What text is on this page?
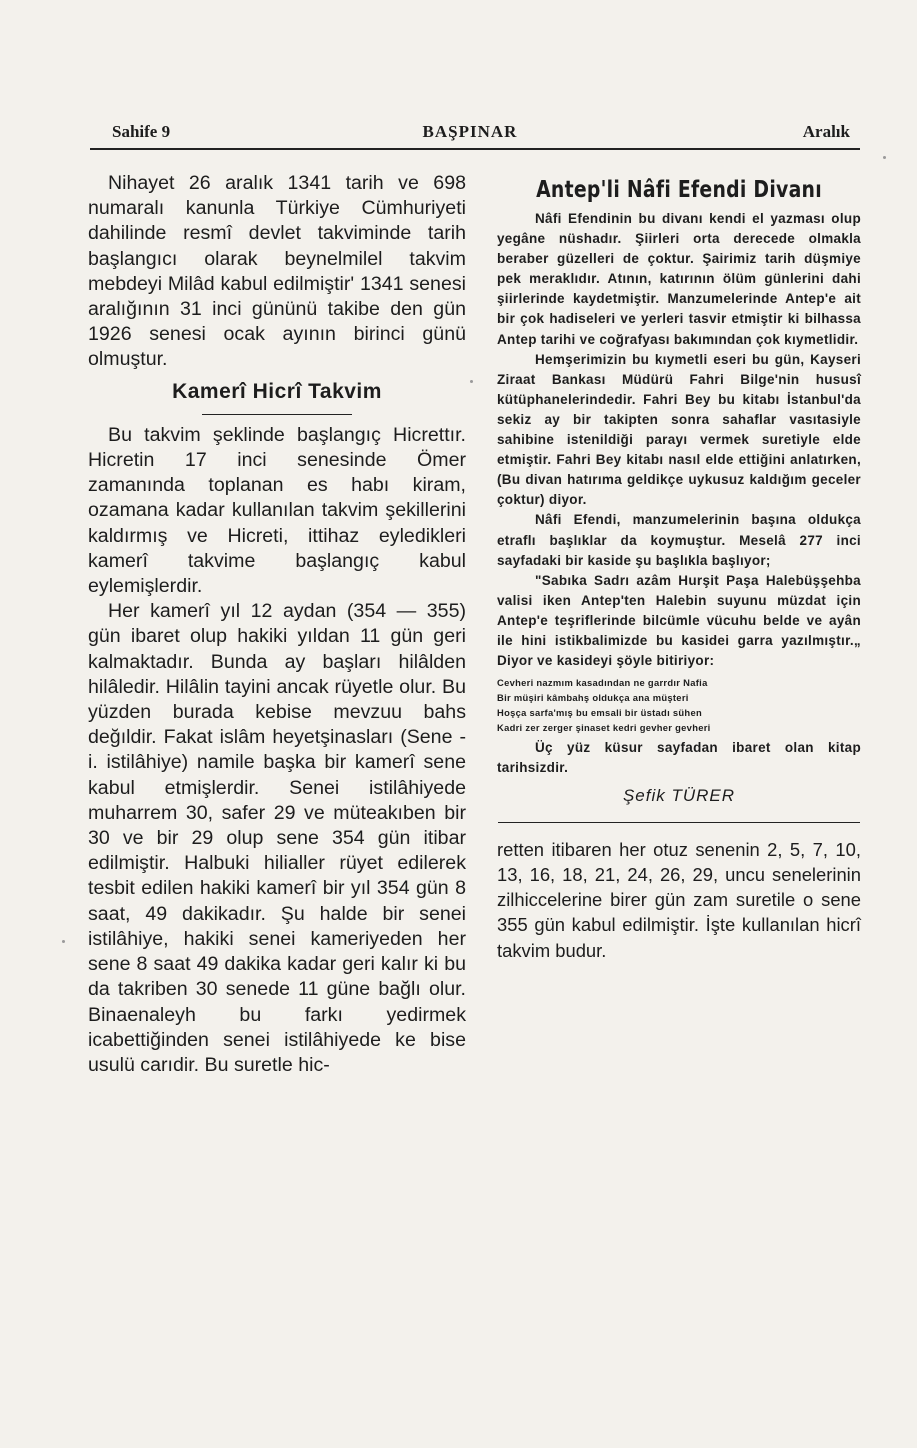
Sahife 9	BAŞPINAR	Aralık

Nihayet 26 aralık 1341 tarih ve 698 numaralı kanunla Türkiye Cümhuriyeti dahilinde resmî devlet takviminde tarih başlangıcı olarak beynelmilel takvim mebdeyi Milâd kabul edilmiştir' 1341 senesi aralığının 31 inci gününü takibe den gün 1926 senesi ocak ayının birinci günü olmuştur.

Kamerî Hicrî Takvim

Bu takvim şeklinde başlangıç Hicrettır. Hicretin 17 inci senesinde Ömer zamanında toplanan es habı kiram, ozamana kadar kullanılan takvim şekillerini kaldırmış ve Hicreti, ittihaz eyledikleri kamerî takvime başlangıç kabul eylemişlerdir.

Her kamerî yıl 12 aydan (354 — 355) gün ibaret olup hakiki yıldan 11 gün geri kalmaktadır. Bunda ay başları hilâlden hilâledir. Hilâlin tayini ancak rüyetle olur. Bu yüzden burada kebise mevzuu bahs değıldir. Fakat islâm heyetşinasları (Sene - i. istilâhiye) namile başka bir kamerî sene kabul etmişlerdir. Senei istilâhiyede muharrem 30, safer 29 ve müteakıben bir 30 ve bir 29 olup sene 354 gün itibar edilmiştir. Halbuki hilialler rüyet edilerek tesbit edilen hakiki kamerî bir yıl 354 gün 8 saat, 49 dakikadır. Şu halde bir senei istilâhiye, hakiki senei kameriyeden her sene 8 saat 49 dakika kadar geri kalır ki bu da takriben 30 senede 11 güne bağlı olur. Binaenaleyh bu farkı yedirmek icabettiğinden senei istilâhiyede ke bise usulü carıdir. Bu suretle hic-

Antep'li Nâfi Efendi Divanı

Nâfi Efendinin bu divanı kendi el yazması olup yegâne nüshadır. Şiirleri orta derecede olmakla beraber güzelleri de çoktur. Şairimiz tarih düşmiye pek meraklıdır. Atının, katırının ölüm günlerini dahi şiirlerinde kaydetmiştir. Manzumelerinde Antep'e ait bir çok hadiseleri ve yerleri tasvir etmiştir ki bilhassa Antep tarihi ve coğrafyası bakımından çok kıymetlidir.

Hemşerimizin bu kıymetli eseri bu gün, Kayseri Ziraat Bankası Müdürü Fahri Bilge'nin hususî kütüphanelerindedir. Fahri Bey bu kitabı İstanbul'da sekiz ay bir takipten sonra sahaflar vasıtasiyle sahibine istenildiği parayı vermek suretiyle elde etmiştir. Fahri Bey kitabı nasıl elde ettiğini anlatırken, (Bu divan hatırıma geldikçe uykusuz kaldığım geceler çoktur) diyor.

Nâfi Efendi, manzumelerinin başına oldukça etraflı başlıklar da koymuştur. Meselâ 277 inci sayfadaki bir kaside şu başlıkla başlıyor;

"Sabıka Sadrı azâm Hurşit Paşa Halebüşşehba valisi iken Antep'ten Halebin suyunu müzdat için Antep'e teşriflerinde bilcümle vücuhu belde ve ayân ile hini istikbalimizde bu kasidei garra yazılmıştır.„ Diyor ve kasideyi şöyle bitiriyor:

Cevheri nazmım kasadından ne garrdır Nafia
Bir müşiri kâmbahş oldukça ana müşteri
Hoşça sarfa'mış bu emsali bir üstadı sühen
Kadri zer zerger şinaset kedri gevher gevheri

Üç yüz küsur sayfadan ibaret olan kitap tarihsizdir.

Şefik TÜRER

retten itibaren her otuz senenin 2, 5, 7, 10, 13, 16, 18, 21, 24, 26, 29, uncu senelerinin zilhiccelerine birer gün zam suretile o sene 355 gün kabul edilmiştir. İşte kullanılan hicrî takvim budur.
